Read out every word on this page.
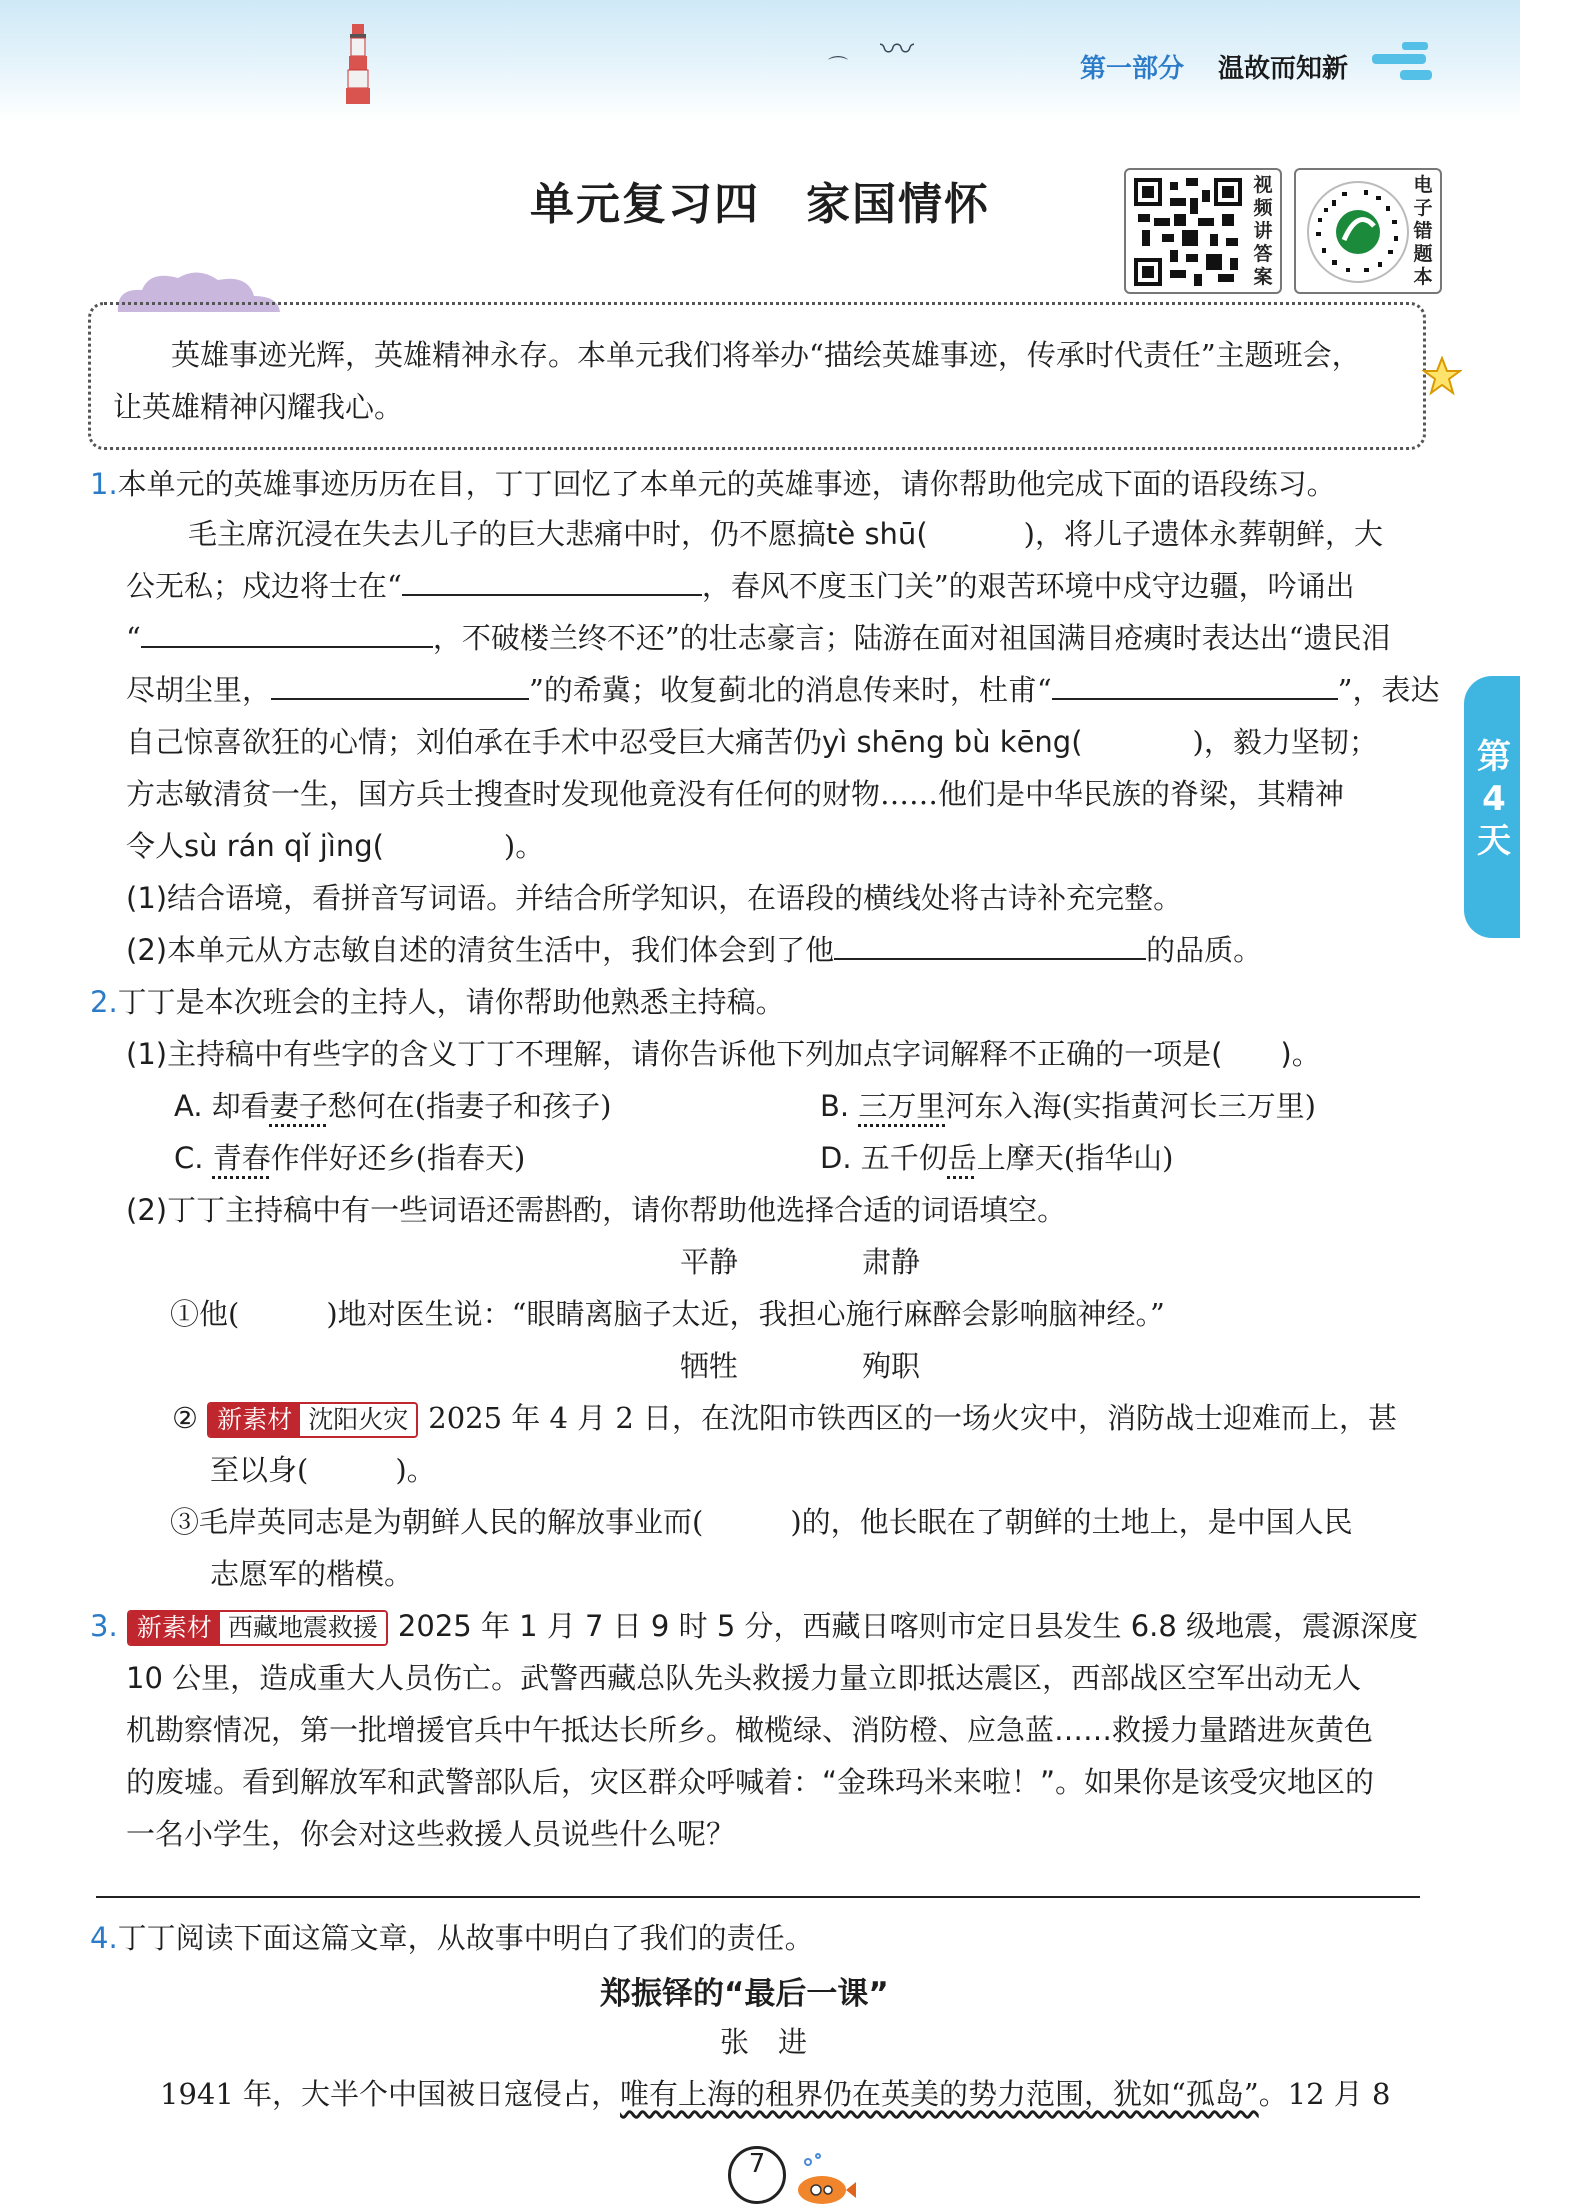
〰
⌒	第一部分 温故而知新
单元复习四　家国情怀	视频讲答案
电子错题本
英雄事迹光辉，英雄精神永存。本单元我们将举办“描绘英雄事迹，传承时代责任”主题班会，
让英雄精神闪耀我心。
第4天
1.本单元的英雄事迹历历在目，丁丁回忆了本单元的英雄事迹，请你帮助他完成下面的语段练习。
毛主席沉浸在失去儿子的巨大悲痛中时，仍不愿搞tè shū(	)，将儿子遗体永葬朝鲜，大
公无私；戍边将士在“	，春风不度玉门关”的艰苦环境中戍守边疆，吟诵出
“	，不破楼兰终不还”的壮志豪言；陆游在面对祖国满目疮痍时表达出“遗民泪
尽胡尘里，	”的希冀；收复蓟北的消息传来时，杜甫“	”，表达
自己惊喜欲狂的心情；刘伯承在手术中忍受巨大痛苦仍yì shēng bù kēng(	)，毅力坚韧；
方志敏清贫一生，国方兵士搜查时发现他竟没有任何的财物……他们是中华民族的脊梁，其精神
令人sù rán qǐ jìng(	)。
(1)结合语境，看拼音写词语。并结合所学知识，在语段的横线处将古诗补充完整。
(2)本单元从方志敏自述的清贫生活中，我们体会到了他	的品质。
2.丁丁是本次班会的主持人，请你帮助他熟悉主持稿。
(1)主持稿中有些字的含义丁丁不理解，请你告诉他下列加点字词解释不正确的一项是(　　)。
A. 却看妻子愁何在(指妻子和孩子)	B. 三万里河东入海(实指黄河长三万里)
C. 青春作伴好还乡(指春天)	D. 五千仞岳上摩天(指华山)
(2)丁丁主持稿中有一些词语还需斟酌，请你帮助他选择合适的词语填空。
平静	肃静
①他(　　　)地对医生说：“眼睛离脑子太近，我担心施行麻醉会影响脑神经。”
牺牲	殉职
② 新素材 沈阳火灾 2025 年 4 月 2 日，在沈阳市铁西区的一场火灾中，消防战士迎难而上，甚
至以身(　　　)。
③毛岸英同志是为朝鲜人民的解放事业而(　　　)的，他长眠在了朝鲜的土地上，是中国人民
志愿军的楷模。
3. 新素材 西藏地震救援 2025 年 1 月 7 日 9 时 5 分，西藏日喀则市定日县发生 6.8 级地震，震源深度
10 公里，造成重大人员伤亡。武警西藏总队先头救援力量立即抵达震区，西部战区空军出动无人
机勘察情况，第一批增援官兵中午抵达长所乡。橄榄绿、消防橙、应急蓝……救援力量踏进灰黄色
的废墟。看到解放军和武警部队后，灾区群众呼喊着：“金珠玛米来啦！”。如果你是该受灾地区的
一名小学生，你会对这些救援人员说些什么呢？
4.丁丁阅读下面这篇文章，从故事中明白了我们的责任。
郑振铎的“最后一课”
张　进
1941 年，大半个中国被日寇侵占，唯有上海的租界仍在英美的势力范围，犹如“孤岛”。12 月 8
7
